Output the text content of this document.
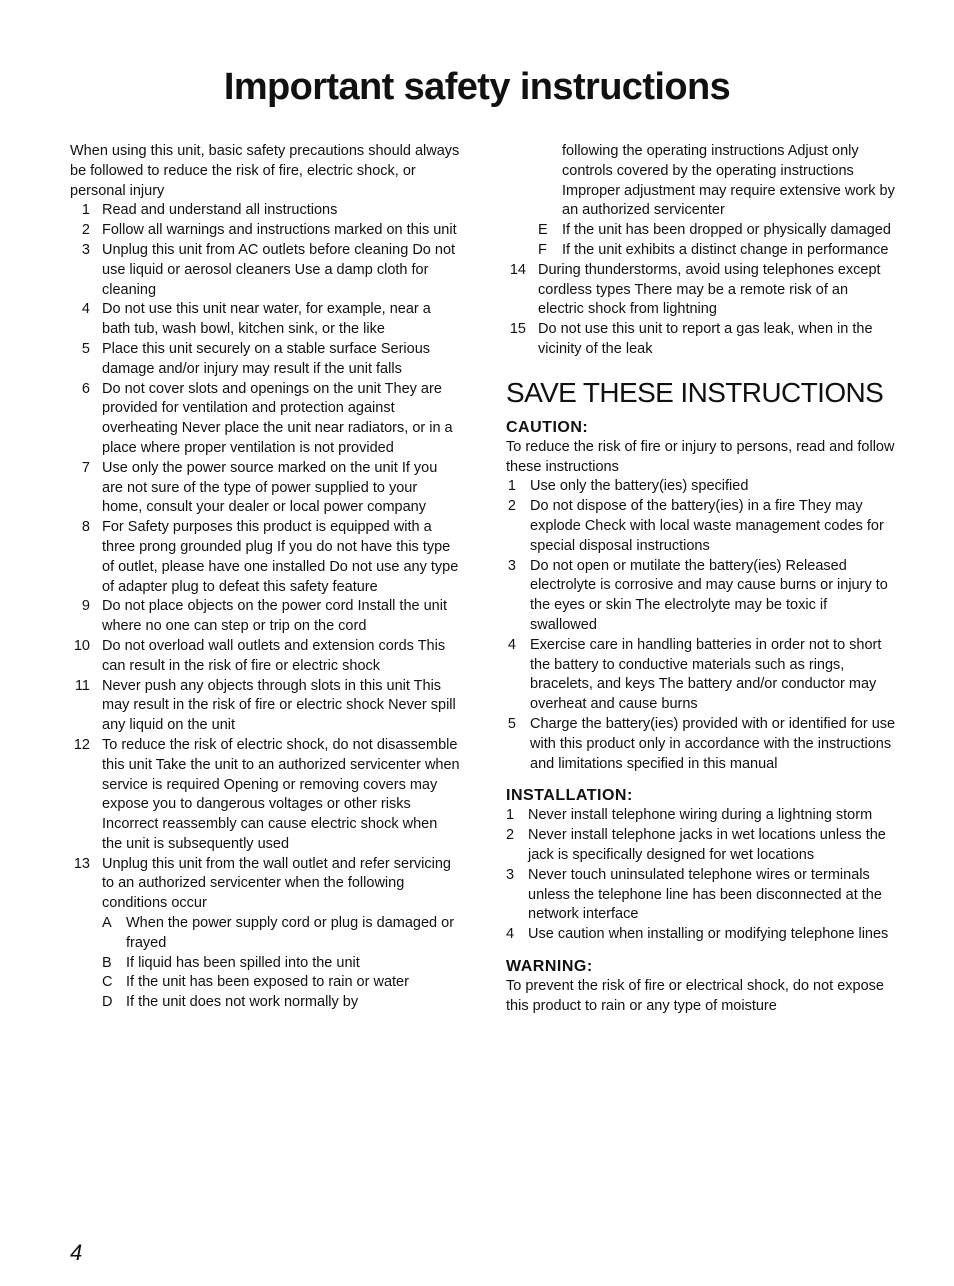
Important safety instructions

When using this unit, basic safety precautions should always be followed to reduce the risk of fire, electric shock, or personal injury

1 Read and understand all instructions
2 Follow all warnings and instructions marked on this unit
3 Unplug this unit from AC outlets before cleaning Do not use liquid or aerosol cleaners Use a damp cloth for cleaning
4 Do not use this unit near water, for example, near a bath tub, wash bowl, kitchen sink, or the like
5 Place this unit securely on a stable surface Serious damage and/or injury may result if the unit falls
6 Do not cover slots and openings on the unit They are provided for ventilation and protection against overheating Never place the unit near radiators, or in a place where proper ventilation is not provided
7 Use only the power source marked on the unit If you are not sure of the type of power supplied to your home, consult your dealer or local power company
8 For Safety purposes this product is equipped with a three prong grounded plug If you do not have this type of outlet, please have one installed Do not use any type of adapter plug to defeat this safety feature
9 Do not place objects on the power cord Install the unit where no one can step or trip on the cord
10 Do not overload wall outlets and extension cords This can result in the risk of fire or electric shock
11 Never push any objects through slots in this unit This may result in the risk of fire or electric shock Never spill any liquid on the unit
12 To reduce the risk of electric shock, do not disassemble this unit Take the unit to an authorized servicenter when service is required Opening or removing covers may expose you to dangerous voltages or other risks Incorrect reassembly can cause electric shock when the unit is subsequently used
13 Unplug this unit from the wall outlet and refer servicing to an authorized servicenter when the following conditions occur
A When the power supply cord or plug is damaged or frayed
B If liquid has been spilled into the unit
C If the unit has been exposed to rain or water
D If the unit does not work normally by

following the operating instructions Adjust only controls covered by the operating instructions Improper adjustment may require extensive work by an authorized servicenter

E If the unit has been dropped or physically damaged
F	If the unit exhibits a distinct change in performance
14 During thunderstorms, avoid using telephones except cordless types There may be a remote risk of an electric shock from lightning
15 Do not use this unit to report a gas leak, when in the vicinity of the leak
SAVE THESE INSTRUCTIONS
CAUTION:

To reduce the risk of fire or injury to persons, read and follow these instructions

1 Use only the battery(ies) specified
2 Do not dispose of the battery(ies) in a fire They may explode Check with local waste management codes for special disposal instructions
3 Do not open or mutilate the battery(ies) Released electrolyte is corrosive and may cause burns or injury to the eyes or skin The electrolyte may be toxic if swallowed
4 Exercise care in handling batteries in order not to short the battery to conductive materials such as rings, bracelets, and keys The battery and/or conductor may overheat and cause burns
5 Charge the battery(ies) provided with or identified for use with this product only in accordance with the instructions and limitations specified in this manual
INSTALLATION:
1 Never install telephone wiring during a lightning storm
2 Never install telephone jacks in wet locations unless the jack is specifically designed for wet locations
3 Never touch uninsulated telephone wires or terminals unless the telephone line has been disconnected at the network interface
4 Use caution when installing or modifying telephone lines
WARNING:

To prevent the risk of fire or electrical shock, do not expose this product to rain or any type of moisture

4
